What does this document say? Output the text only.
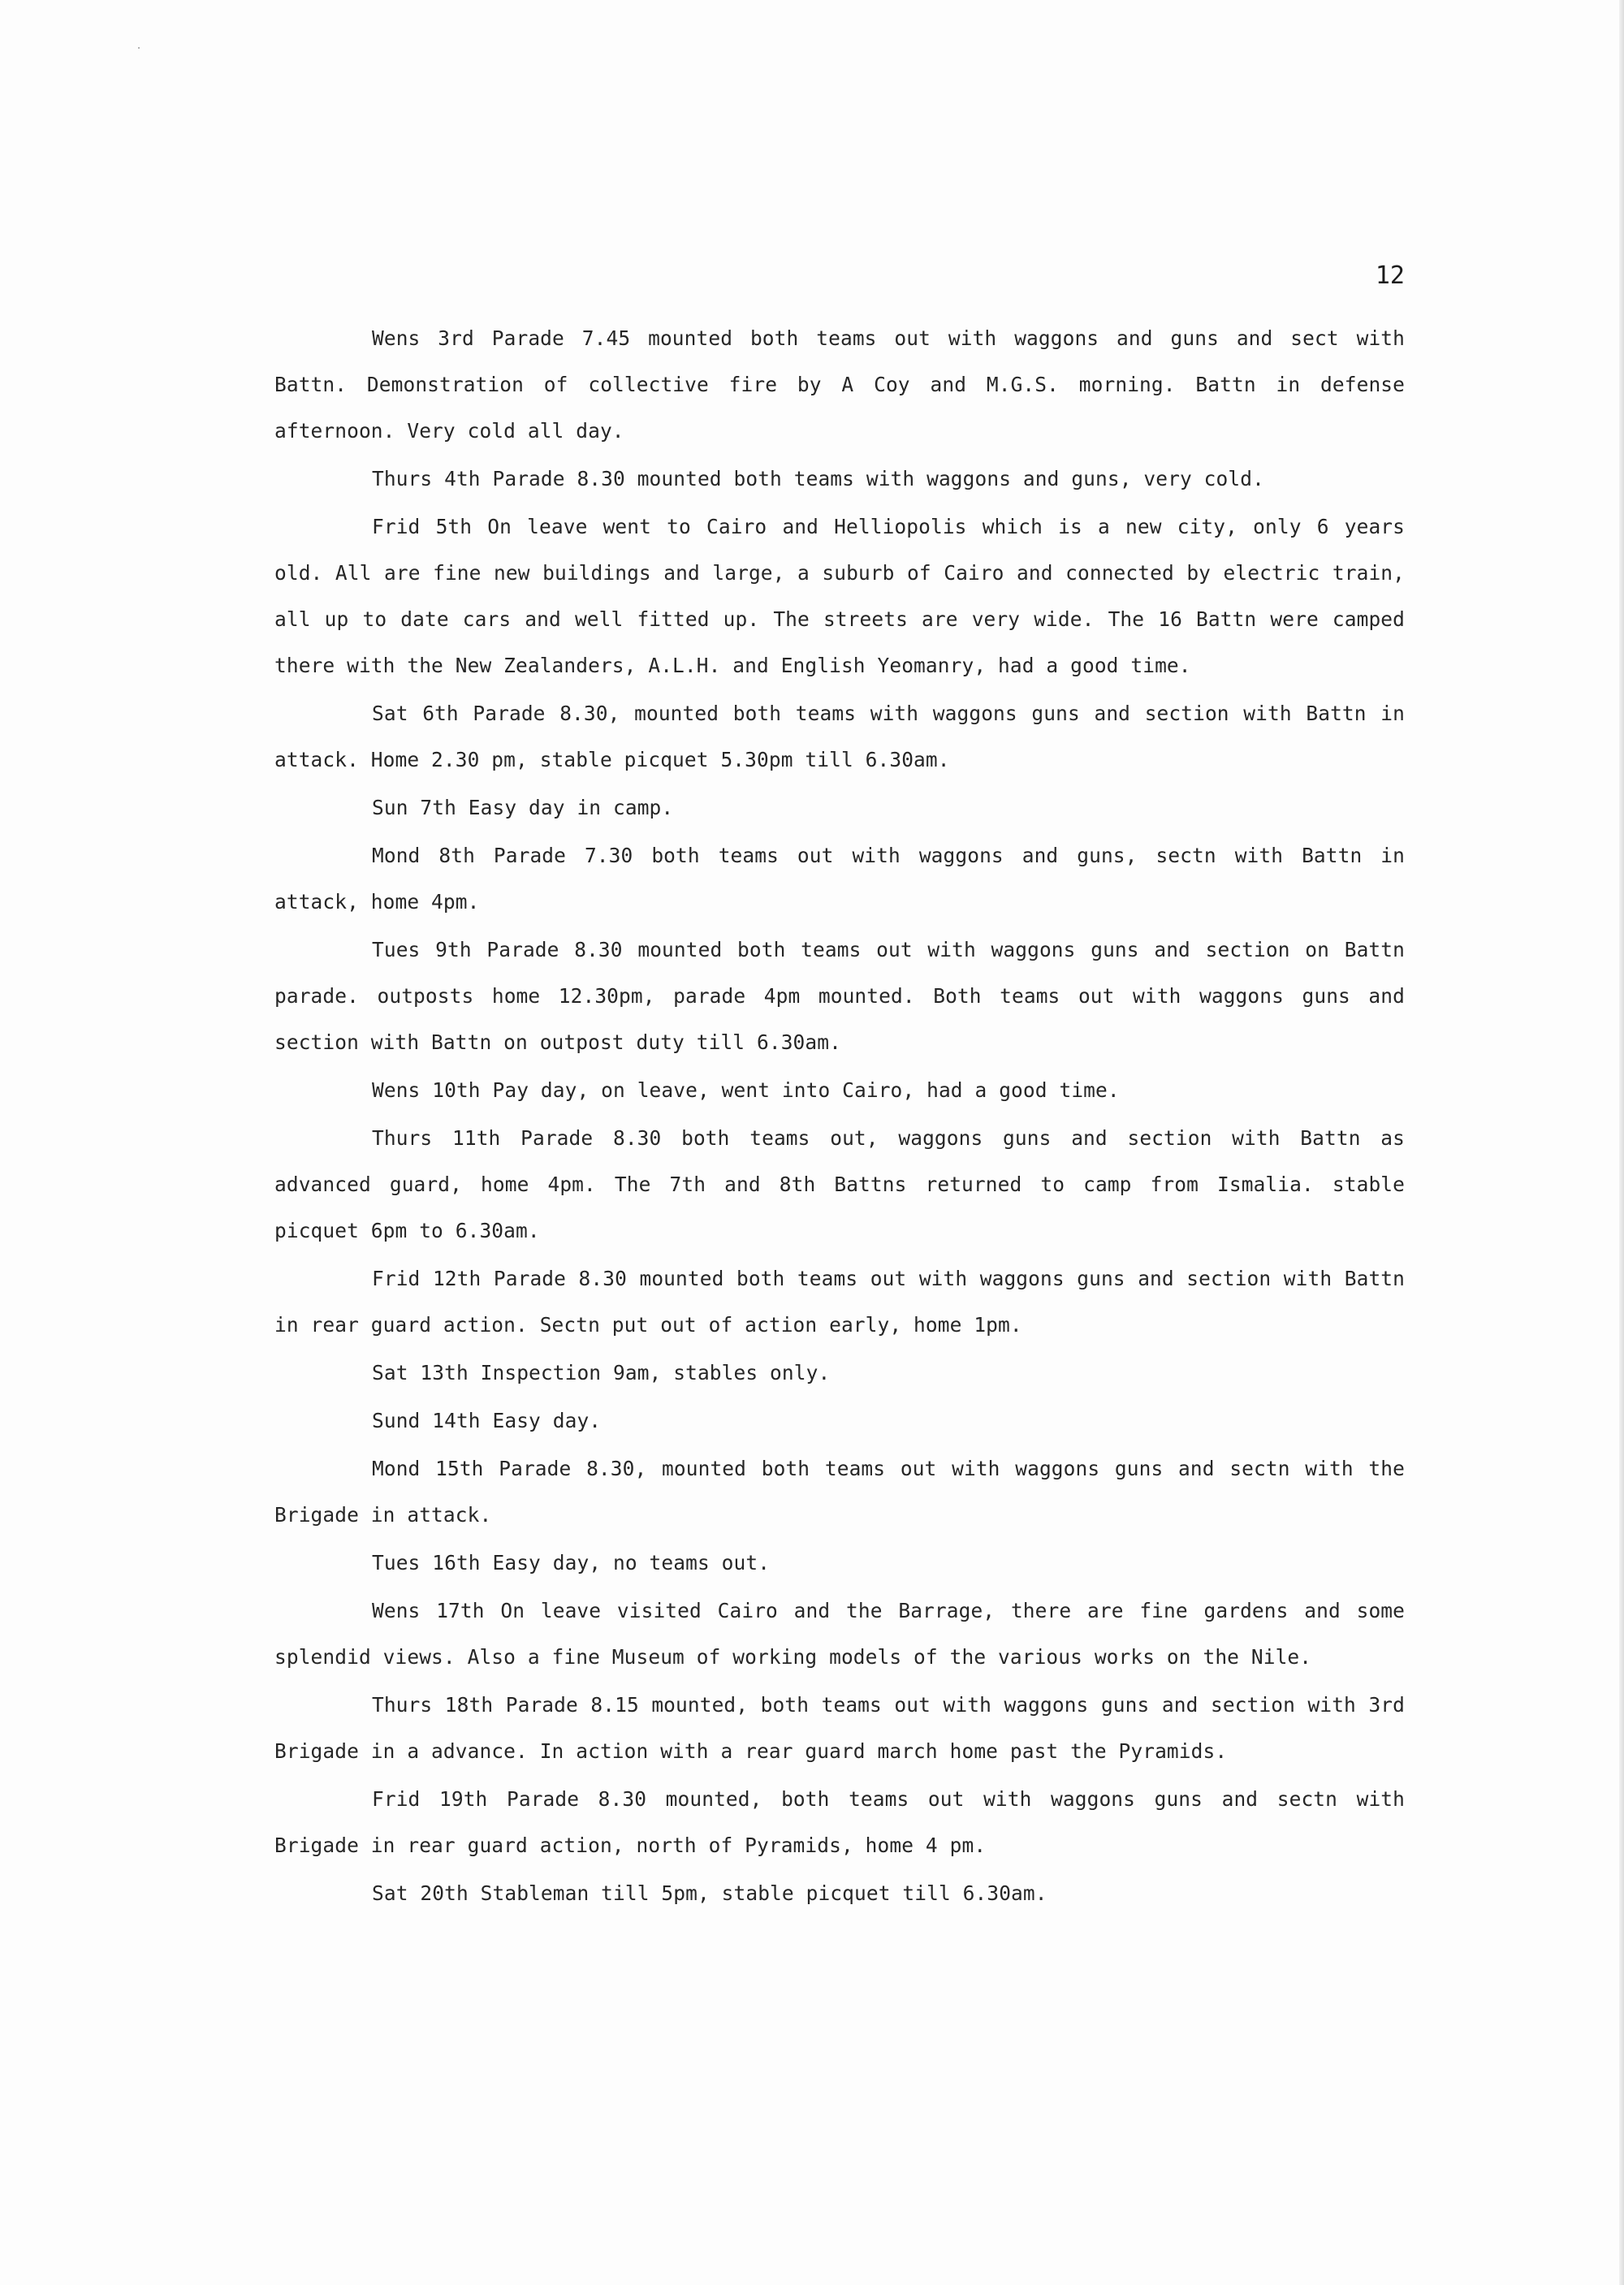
12

Wens 3rd Parade 7.45 mounted both teams out with waggons and guns and sect with Battn. Demonstration of collective fire by A Coy and M.G.S. morning. Battn in defense afternoon. Very cold all day.

Thurs 4th Parade 8.30 mounted both teams with waggons and guns, very cold.

Frid 5th On leave went to Cairo and Helliopolis which is a new city, only 6 years old. All are fine new buildings and large, a suburb of Cairo and connected by electric train, all up to date cars and well fitted up. The streets are very wide. The 16 Battn were camped there with the New Zealanders, A.L.H. and English Yeomanry, had a good time.

Sat 6th Parade 8.30, mounted both teams with waggons guns and section with Battn in attack. Home 2.30 pm, stable picquet 5.30pm till 6.30am.

Sun 7th Easy day in camp.

Mond 8th Parade 7.30 both teams out with waggons and guns, sectn with Battn in attack, home 4pm.

Tues 9th Parade 8.30 mounted both teams out with waggons guns and section on Battn parade. outposts home 12.30pm, parade 4pm mounted. Both teams out with waggons guns and section with Battn on outpost duty till 6.30am.

Wens 10th Pay day, on leave, went into Cairo, had a good time.

Thurs 11th Parade 8.30 both teams out, waggons guns and section with Battn as advanced guard, home 4pm. The 7th and 8th Battns returned to camp from Ismalia. stable picquet 6pm to 6.30am.

Frid 12th Parade 8.30 mounted both teams out with waggons guns and section with Battn in rear guard action. Sectn put out of action early, home 1pm.

Sat 13th Inspection 9am, stables only.

Sund 14th Easy day.

Mond 15th Parade 8.30, mounted both teams out with waggons guns and sectn with the Brigade in attack.

Tues 16th Easy day, no teams out.

Wens 17th On leave visited Cairo and the Barrage, there are fine gardens and some splendid views. Also a fine Museum of working models of the various works on the Nile.

Thurs 18th Parade 8.15 mounted, both teams out with waggons guns and section with 3rd Brigade in a advance. In action with a rear guard march home past the Pyramids.

Frid 19th Parade 8.30 mounted, both teams out with waggons guns and sectn with Brigade in rear guard action, north of Pyramids, home 4 pm.

Sat 20th Stableman till 5pm, stable picquet till 6.30am.
